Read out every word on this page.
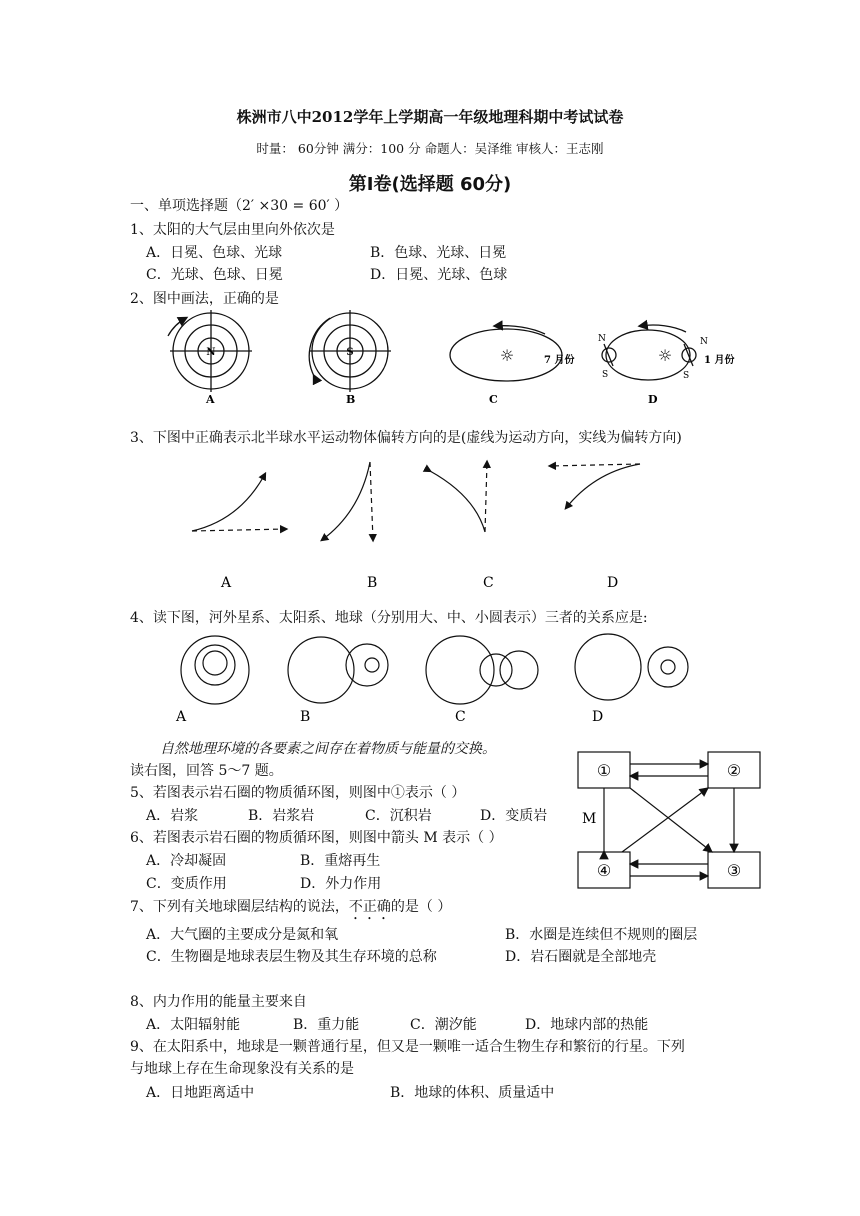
株洲市八中2012学年上学期高一年级地理科期中考试试卷
时量： 60分钟 满分：100 分 命题人：吴泽维 审核人：王志刚
第Ⅰ卷(选择题 60分)
一、单项选择题（2′ ×30 = 60′ ）
1、太阳的大气层由里向外依次是
A．日冕、色球、光球	B．色球、光球、日冕
C．光球、色球、日冕	D．日冕、光球、色球
2、图中画法，正确的是
N
A
S
B
☼	7 月份
C
☼
N
S
N
S
1 月份
D
3、下图中正确表示北半球水平运动物体偏转方向的是(虚线为运动方向，实线为偏转方向)
A	B	C	D
4、读下图，河外星系、太阳系、地球（分别用大、中、小圆表示）三者的关系应是:
A	B	C	D
自然地理环境的各要素之间存在着物质与能量的交换。
读右图，回答 5～7 题。	①	②
③
④
M
5、若图表示岩石圈的物质循环图，则图中①表示（ ）
A．岩浆	B．岩浆岩	C．沉积岩	D．变质岩
6、若图表示岩石圈的物质循环图，则图中箭头 M 表示（ ）
A．冷却凝固	B．重熔再生
C．变质作用	D．外力作用
7、下列有关地球圈层结构的说法，不正确的是（ ）
A．大气圈的主要成分是氮和氧	B．水圈是连续但不规则的圈层
C．生物圈是地球表层生物及其生存环境的总称	D．岩石圈就是全部地壳
8、内力作用的能量主要来自
A．太阳辐射能	B．重力能	C．潮汐能	D．地球内部的热能
9、在太阳系中，地球是一颗普通行星，但又是一颗唯一适合生物生存和繁衍的行星。下列
与地球上存在生命现象没有关系的是
A．日地距离适中	B．地球的体积、质量适中
